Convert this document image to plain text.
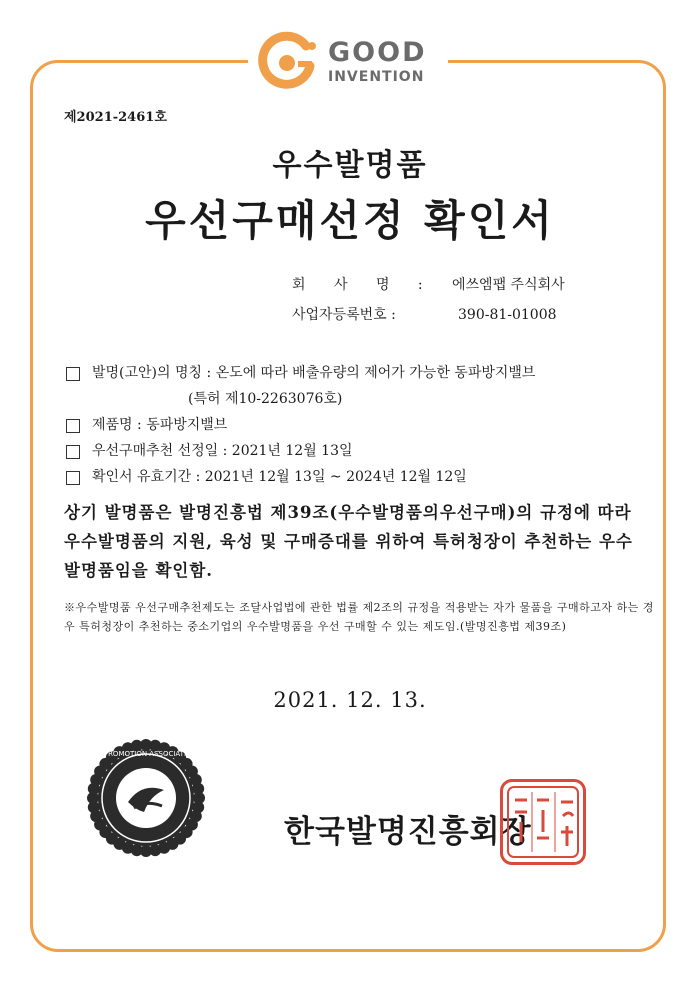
GOOD
INVENTION
제2021-2461호
우수발명품
우선구매선정 확인서
회 사 명 :	에쓰엠팹 주식회사
사업자등록번호 :	390-81-01008
발명(고안)의 명칭 : 온도에 따라 배출유량의 제어가 가능한 동파방지밸브
(특허 제10-2263076호)
제품명 : 동파방지밸브
우선구매추천 선정일 : 2021년 12월 13일
확인서 유효기간 : 2021년 12월 13일 ~ 2024년 12월 12일
상기 발명품은 발명진흥법 제39조(우수발명품의우선구매)의 규정에 따라 우수발명품의 지원, 육성 및 구매증대를 위하여 특허청장이 추천하는 우수발명품임을 확인함.
※우수발명품 우선구매추천제도는 조달사업법에 관한 법률 제2조의 규정을 적용받는 자가 물품을 구매하고자 하는 경우 특허청장이 추천하는 중소기업의 우수발명품을 우선 구매할 수 있는 제도임.(발명진흥법 제39조)
2021. 12. 13.
KOREA INVENTION PROMOTION ASSOCIATION · 한국발명진흥회 ·
한국발명진흥회장
